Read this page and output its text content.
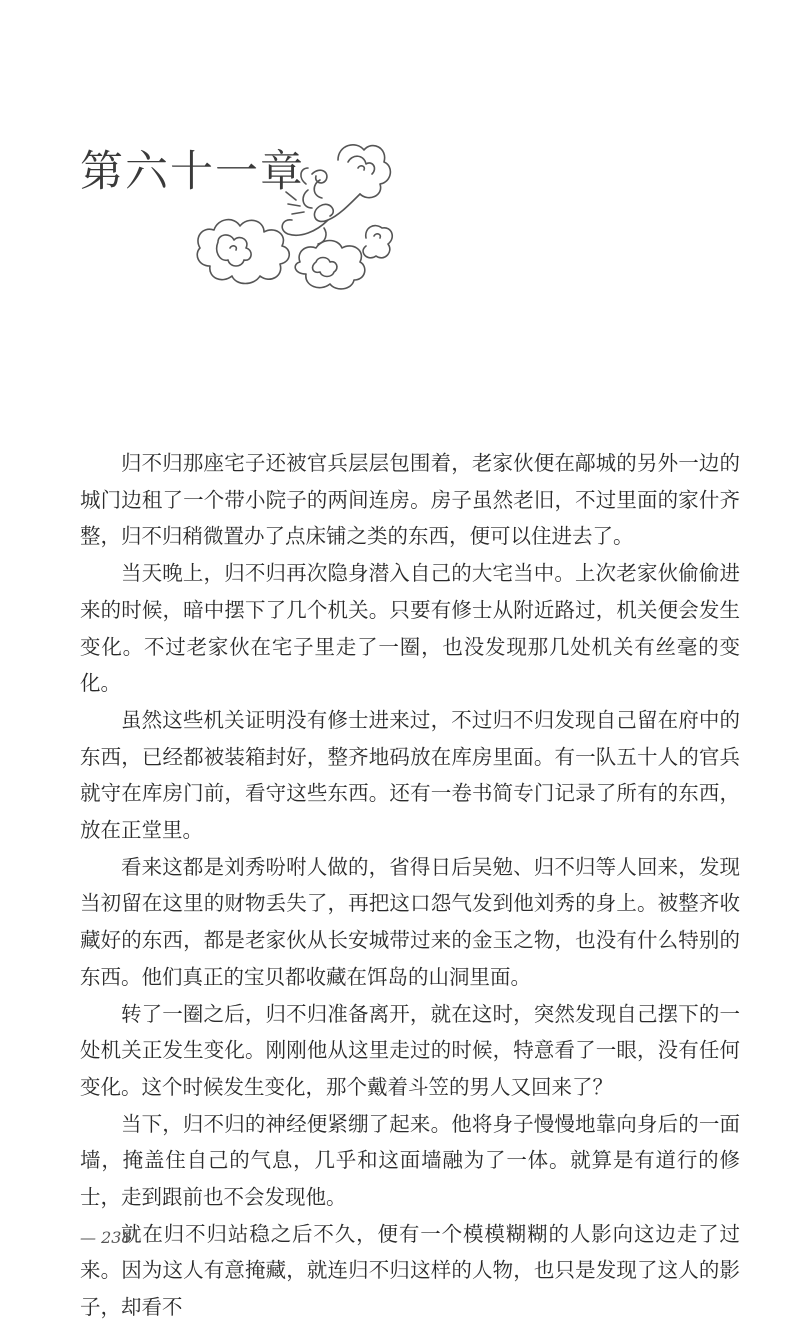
第六十一章

归不归那座宅子还被官兵层层包围着，老家伙便在鄗城的另外一边的城门边租了一个带小院子的两间连房。房子虽然老旧，不过里面的家什齐整，归不归稍微置办了点床铺之类的东西，便可以住进去了。

当天晚上，归不归再次隐身潜入自己的大宅当中。上次老家伙偷偷进来的时候，暗中摆下了几个机关。只要有修士从附近路过，机关便会发生变化。不过老家伙在宅子里走了一圈，也没发现那几处机关有丝毫的变化。

虽然这些机关证明没有修士进来过，不过归不归发现自己留在府中的东西，已经都被装箱封好，整齐地码放在库房里面。有一队五十人的官兵就守在库房门前，看守这些东西。还有一卷书简专门记录了所有的东西，放在正堂里。

看来这都是刘秀吩咐人做的，省得日后吴勉、归不归等人回来，发现当初留在这里的财物丢失了，再把这口怨气发到他刘秀的身上。被整齐收藏好的东西，都是老家伙从长安城带过来的金玉之物，也没有什么特别的东西。他们真正的宝贝都收藏在饵岛的山洞里面。

转了一圈之后，归不归准备离开，就在这时，突然发现自己摆下的一处机关正发生变化。刚刚他从这里走过的时候，特意看了一眼，没有任何变化。这个时候发生变化，那个戴着斗笠的男人又回来了？

当下，归不归的神经便紧绷了起来。他将身子慢慢地靠向身后的一面墙，掩盖住自己的气息，几乎和这面墙融为了一体。就算是有道行的修士，走到跟前也不会发现他。

就在归不归站稳之后不久，便有一个模模糊糊的人影向这边走了过来。因为这人有意掩藏，就连归不归这样的人物，也只是发现了这人的影子，却看不

— 238
